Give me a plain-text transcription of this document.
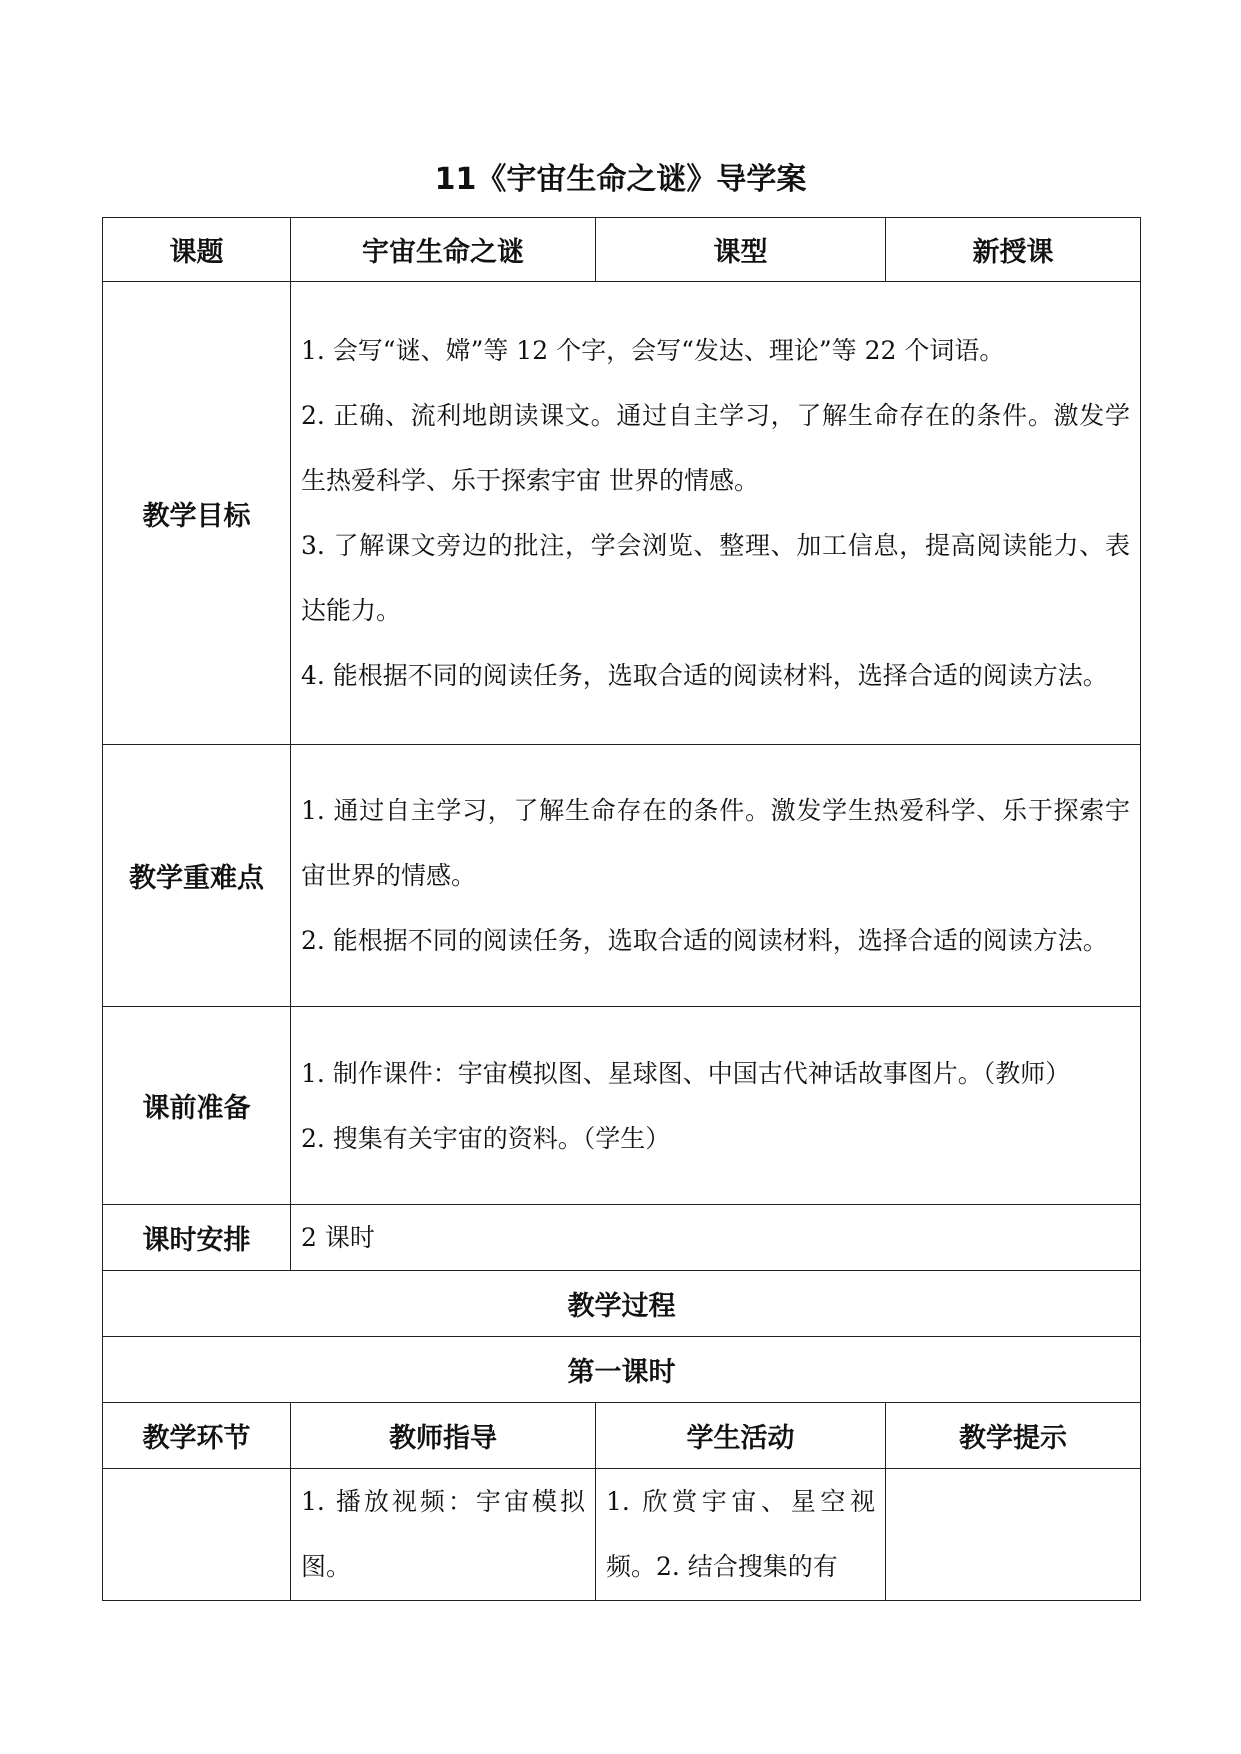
11《宇宙生命之谜》导学案
课题	宇宙生命之谜	课型	新授课
教学目标	1. 会写“谜、嫦”等 12 个字，会写“发达、理论”等 22 个词语。

2. 正确、流利地朗读课文。通过自主学习，了解生命存在的条件。激发学生热爱科学、乐于探索宇宙 世界的情感。

3. 了解课文旁边的批注，学会浏览、整理、加工信息，提高阅读能力、表达能力。

4. 能根据不同的阅读任务，选取合适的阅读材料，选择合适的阅读方法。		

教学重难点	1. 通过自主学习，了解生命存在的条件。激发学生热爱科学、乐于探索宇宙世界的情感。

2. 能根据不同的阅读任务，选取合适的阅读材料，选择合适的阅读方法。		

课前准备	1. 制作课件：宇宙模拟图、星球图、中国古代神话故事图片。（教师）

2. 搜集有关宇宙的资料。（学生）		

课时安排	2 课时		
教学过程			
第一课时			
教学环节	教师指导	学生活动	教学提示
	1. 播放视频：宇宙模拟图。	1. 欣赏宇宙、星空视频。2. 结合搜集的有	
